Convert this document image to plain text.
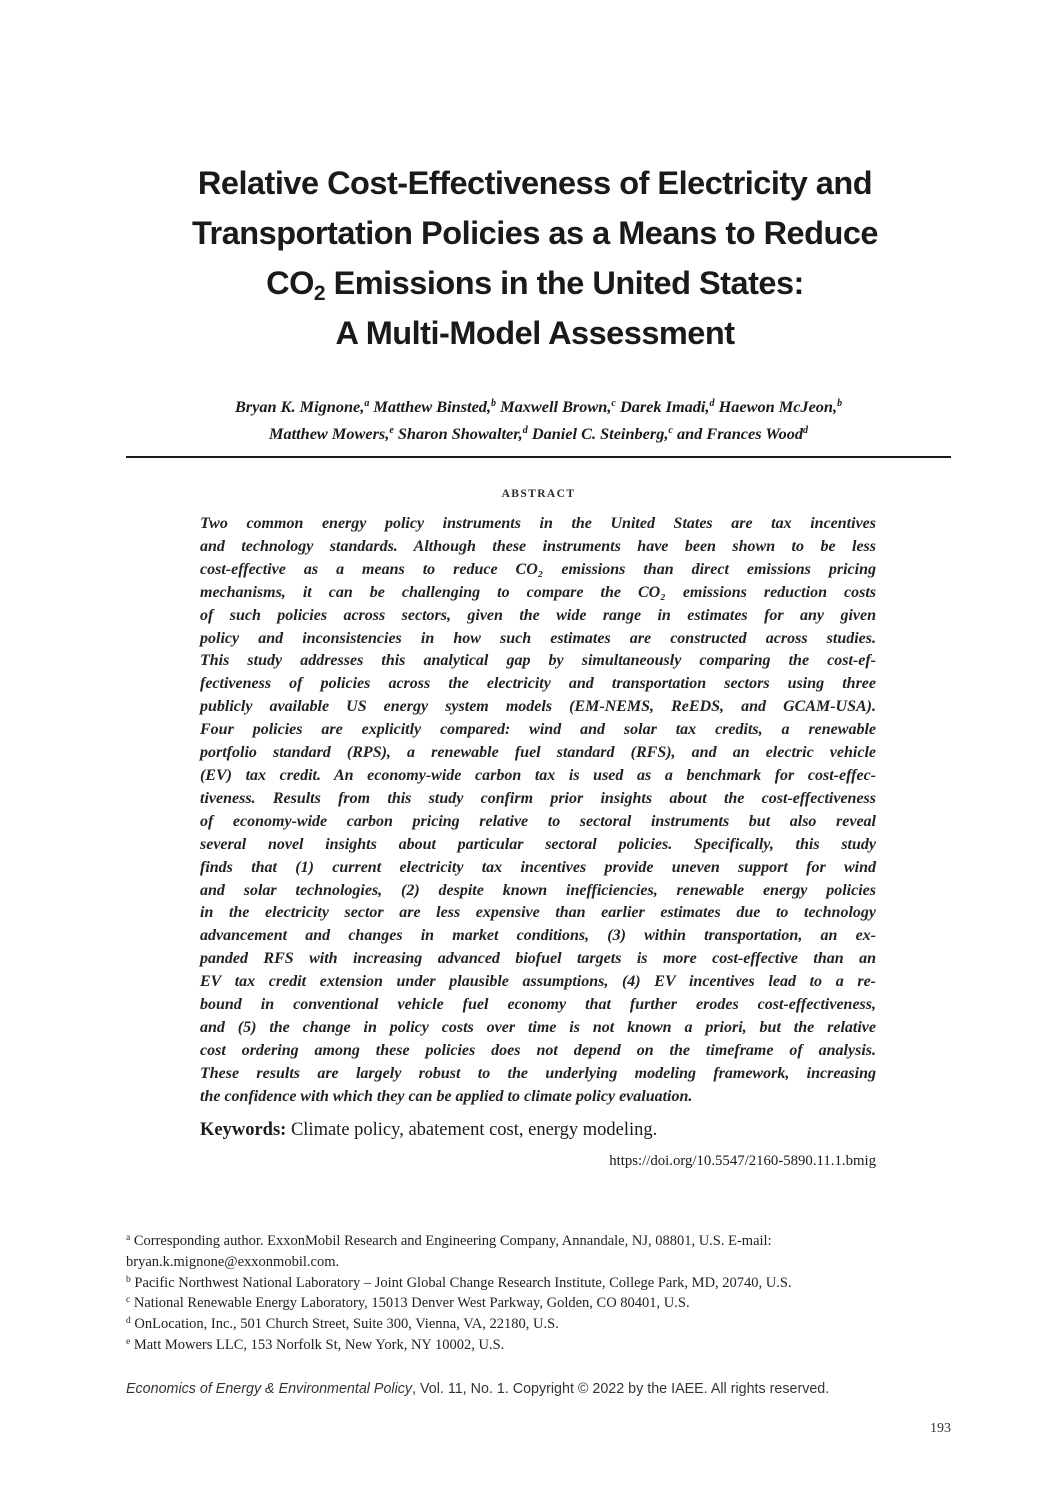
Relative Cost-Effectiveness of Electricity and
Transportation Policies as a Means to Reduce
$CO_2$ Emissions in the United States:
A Multi-Model Assessment
Bryan K. Mignone,$^a$ Matthew Binsted,$^b$ Maxwell Brown,$^c$ Darek Imadi,$^d$ Haewon McJeon,$^b$
Matthew Mowers,$^e$ Sharon Showalter,$^d$ Daniel C. Steinberg,$^c$ and Frances Wood$^d$
ABSTRACT
Two common energy policy instruments in the United States are tax incentives
and technology standards. Although these instruments have been shown to be less
cost-effective as a means to reduce CO₂ emissions than direct emissions pricing
mechanisms, it can be challenging to compare the CO₂ emissions reduction costs
of such policies across sectors, given the wide range in estimates for any given
policy and inconsistencies in how such estimates are constructed across studies.
This study addresses this analytical gap by simultaneously comparing the cost-ef-
fectiveness of policies across the electricity and transportation sectors using three
publicly available US energy system models (EM-NEMS, ReEDS, and GCAM-USA).
Four policies are explicitly compared: wind and solar tax credits, a renewable
portfolio standard (RPS), a renewable fuel standard (RFS), and an electric vehicle
(EV) tax credit. An economy-wide carbon tax is used as a benchmark for cost-effec-
tiveness. Results from this study confirm prior insights about the cost-effectiveness
of economy-wide carbon pricing relative to sectoral instruments but also reveal
several novel insights about particular sectoral policies. Specifically, this study
finds that (1) current electricity tax incentives provide uneven support for wind
and solar technologies, (2) despite known inefficiencies, renewable energy policies
in the electricity sector are less expensive than earlier estimates due to technology
advancement and changes in market conditions, (3) within transportation, an ex-
panded RFS with increasing advanced biofuel targets is more cost-effective than an
EV tax credit extension under plausible assumptions, (4) EV incentives lead to a re-
bound in conventional vehicle fuel economy that further erodes cost-effectiveness,
and (5) the change in policy costs over time is not known a priori, but the relative
cost ordering among these policies does not depend on the timeframe of analysis.
These results are largely robust to the underlying modeling framework, increasing
the confidence with which they can be applied to climate policy evaluation.
Keywords: Climate policy, abatement cost, energy modeling.
https://doi.org/10.5547/2160-5890.11.1.bmig
$^a$ Corresponding author. ExxonMobil Research and Engineering Company, Annandale, NJ, 08801, U.S. E-mail:
bryan.k.mignone@exxonmobil.com.
$^b$ Pacific Northwest National Laboratory – Joint Global Change Research Institute, College Park, MD, 20740, U.S.
$^c$ National Renewable Energy Laboratory, 15013 Denver West Parkway, Golden, CO 80401, U.S.
$^d$ OnLocation, Inc., 501 Church Street, Suite 300, Vienna, VA, 22180, U.S.
$^e$ Matt Mowers LLC, 153 Norfolk St, New York, NY 10002, U.S.
Economics of Energy & Environmental Policy, Vol. 11, No. 1. Copyright © 2022 by the IAEE. All rights reserved.
193
